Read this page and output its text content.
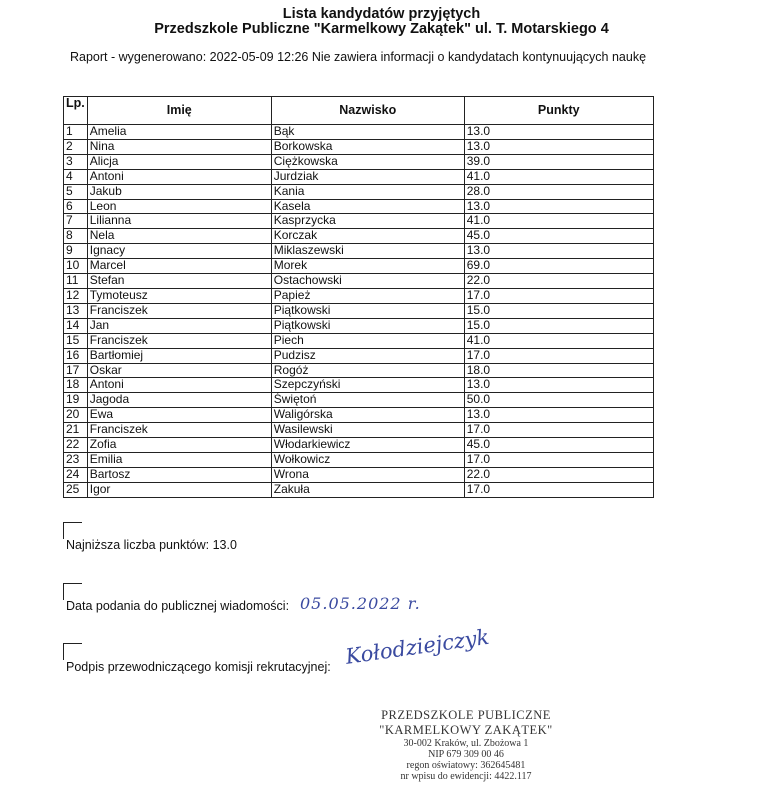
Lista kandydatów przyjętych
Przedszkole Publiczne "Karmelkowy Zakątek" ul. T. Motarskiego 4
Raport - wygenerowano: 2022-05-09 12:26 Nie zawiera informacji o kandydatach kontynuujących naukę
Lp.	Imię	Nazwisko	Punkty
1	Amelia	Bąk	13.0
2	Nina	Borkowska	13.0
3	Alicja	Ciężkowska	39.0
4	Antoni	Jurdziak	41.0
5	Jakub	Kania	28.0
6	Leon	Kasela	13.0
7	Lilianna	Kasprzycka	41.0
8	Nela	Korczak	45.0
9	Ignacy	Miklaszewski	13.0
10	Marcel	Morek	69.0
11	Stefan	Ostachowski	22.0
12	Tymoteusz	Papież	17.0
13	Franciszek	Piątkowski	15.0
14	Jan	Piątkowski	15.0
15	Franciszek	Piech	41.0
16	Bartłomiej	Pudzisz	17.0
17	Oskar	Rogóż	18.0
18	Antoni	Szepczyński	13.0
19	Jagoda	Świętoń	50.0
20	Ewa	Waligórska	13.0
21	Franciszek	Wasilewski	17.0
22	Zofia	Włodarkiewicz	45.0
23	Emilia	Wołkowicz	17.0
24	Bartosz	Wrona	22.0
25	Igor	Zakuła	17.0
Najniższa liczba punktów: 13.0
Data podania do publicznej wiadomości: 05.05.2022 r.
Podpis przewodniczącego komisji rekrutacyjnej: Kołodziejczyk
PRZEDSZKOLE PUBLICZNE
"KARMELKOWY ZAKĄTEK"
30-002 Kraków, ul. Zbożowa 1
NIP 679 309 00 46
regon oświatowy: 362645481
nr wpisu do ewidencji: 4422.117
